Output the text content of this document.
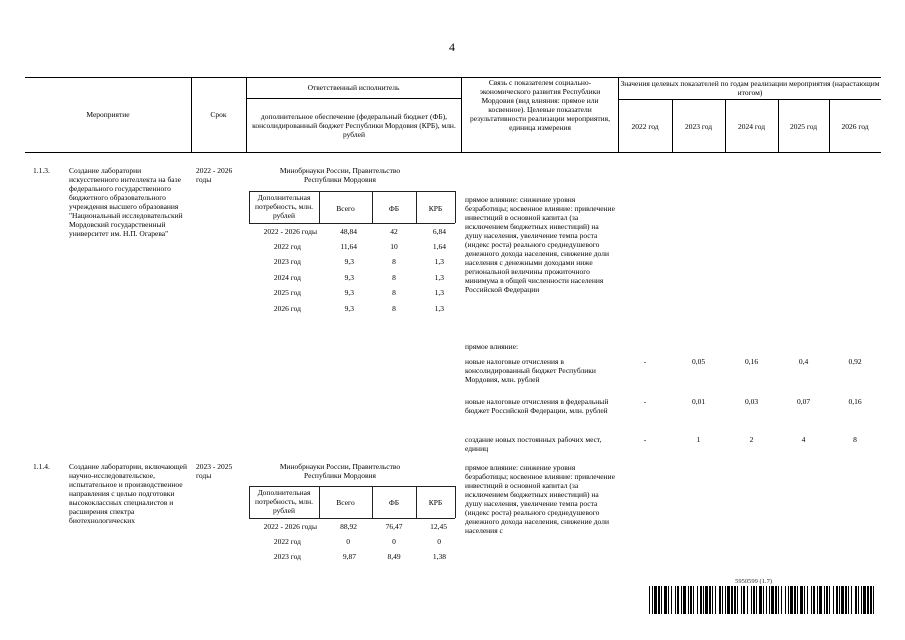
4
Мероприятие	Срок
Ответственный исполнитель
дополнительное обеспечение (федеральный бюджет (ФБ), консолидированный бюджет Республики Мордовия (КРБ), млн. рублей
Связь с показателем социально-экономического развития Республики Мордовия (вид влияния: прямое или косвенное). Целевые показатели результативности реализации мероприятия, единица измерения
Значения целевых показателей по годам реализации мероприятия (нарастающим итогом)
2022 год	2023 год	2024 год	2025 год	2026 год
1.1.3.	Создание лаборатории искусственного интеллекта на базе федерального государственного бюджетного образовательного учреждения высшего образования "Национальный исследовательский Мордовский государственный университет им. Н.П. Огарева"
2022 - 2026 годы
Минобрнауки России, Правительство Республики Мордовия
Дополнительная потребность, млн. рублей
Всего	ФБ	КРБ
2022 - 2026 годы	48,84	42	6,84
2022 год	11,64	10	1,64
2023 год	9,3	8	1,3
2024 год	9,3	8	1,3
2025 год	9,3	8	1,3
2026 год	9,3	8	1,3
прямое влияние: снижение уровня безработицы; косвенное влияние: привлечение инвестиций в основной капитал (за исключением бюджетных инвестиций) на душу населения, увеличение темпа роста (индекс роста) реального среднедушевого денежного дохода населения, снижение доли населения с денежными доходами ниже региональной величины прожиточного минимума в общей численности населения Российской Федерации
прямое влияние:
новые налоговые отчисления в консолидированный бюджет Республики Мордовия, млн. рублей
-	0,05	0,16	0,4	0,92
новые налоговые отчисления в федеральный бюджет Российской Федерации, млн. рублей
-	0,01	0,03	0,07	0,16
создание новых постоянных рабочих мест, единиц
-	1	2	4	8
1.1.4.	Создание лаборатории, включающей научно-исследовательское, испытательное и производственное направления с целью подготовки высококлассных специалистов и расширения спектра биотехнологических
2023 - 2025 годы
Минобрнауки России, Правительство Республики Мордовия
Дополнительная потребность, млн. рублей
Всего	ФБ	КРБ
2022 - 2026 годы	88,92	76,47	12,45
2022 год	0	0	0
2023 год	9,87	8,49	1,38
прямое влияние: снижение уровня безработицы; косвенное влияние: привлечение инвестиций в основной капитал (за исключением бюджетных инвестиций) на душу населения, увеличение темпа роста (индекс роста) реального среднедушевого денежного дохода населения, снижение доли населения с
5950599 (1.7)
